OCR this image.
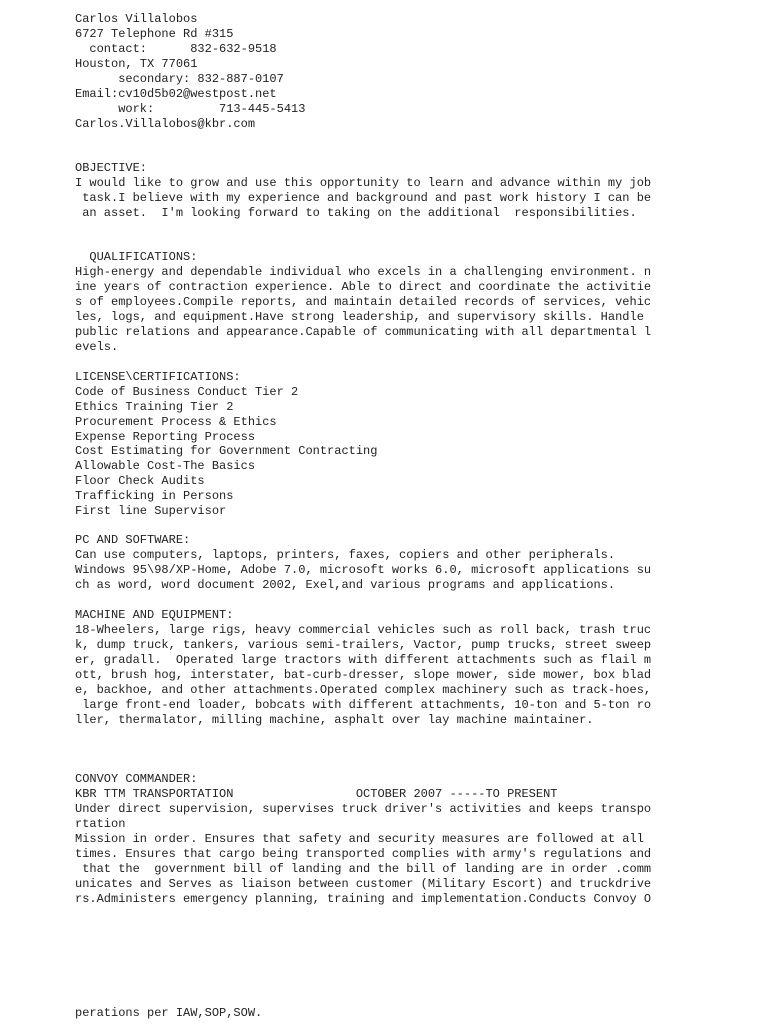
Carlos Villalobos

6727 Telephone Rd #315

contact:      832-632-9518

Houston, TX 77061

secondary: 832-887-0107

Email:cv10d5b02@westpost.net

work:         713-445-5413

Carlos.Villalobos@kbr.com

OBJECTIVE:

I would like to grow and use this opportunity to learn and advance within my job

task.I believe with my experience and background and past work history I can be

an asset.  I'm looking forward to taking on the additional  responsibilities.

QUALIFICATIONS:

High-energy and dependable individual who excels in a challenging environment. n

ine years of contraction experience. Able to direct and coordinate the activitie

s of employees.Compile reports, and maintain detailed records of services, vehic

les, logs, and equipment.Have strong leadership, and supervisory skills. Handle

public relations and appearance.Capable of communicating with all departmental l

evels.

LICENSE\CERTIFICATIONS:

Code of Business Conduct Tier 2

Ethics Training Tier 2

Procurement Process & Ethics

Expense Reporting Process

Cost Estimating for Government Contracting

Allowable Cost-The Basics

Floor Check Audits

Trafficking in Persons

First line Supervisor

PC AND SOFTWARE:

Can use computers, laptops, printers, faxes, copiers and other peripherals.

Windows 95\98/XP-Home, Adobe 7.0, microsoft works 6.0, microsoft applications su

ch as word, word document 2002, Exel,and various programs and applications.

MACHINE AND EQUIPMENT:

18-Wheelers, large rigs, heavy commercial vehicles such as roll back, trash truc

k, dump truck, tankers, various semi-trailers, Vactor, pump trucks, street sweep

er, gradall.  Operated large tractors with different attachments such as flail m

ott, brush hog, interstater, bat-curb-dresser, slope mower, side mower, box blad

e, backhoe, and other attachments.Operated complex machinery such as track-hoes,

large front-end loader, bobcats with different attachments, 10-ton and 5-ton ro

ller, thermalator, milling machine, asphalt over lay machine maintainer.

CONVOY COMMANDER:

KBR TTM TRANSPORTATION                 OCTOBER 2007 -----TO PRESENT

Under direct supervision, supervises truck driver's activities and keeps transpo

rtation

Mission in order. Ensures that safety and security measures are followed at all

times. Ensures that cargo being transported complies with army's regulations and

that the  government bill of landing and the bill of landing are in order .comm

unicates and Serves as liaison between customer (Military Escort) and truckdrive

rs.Administers emergency planning, training and implementation.Conducts Convoy O

perations per IAW,SOP,SOW.
